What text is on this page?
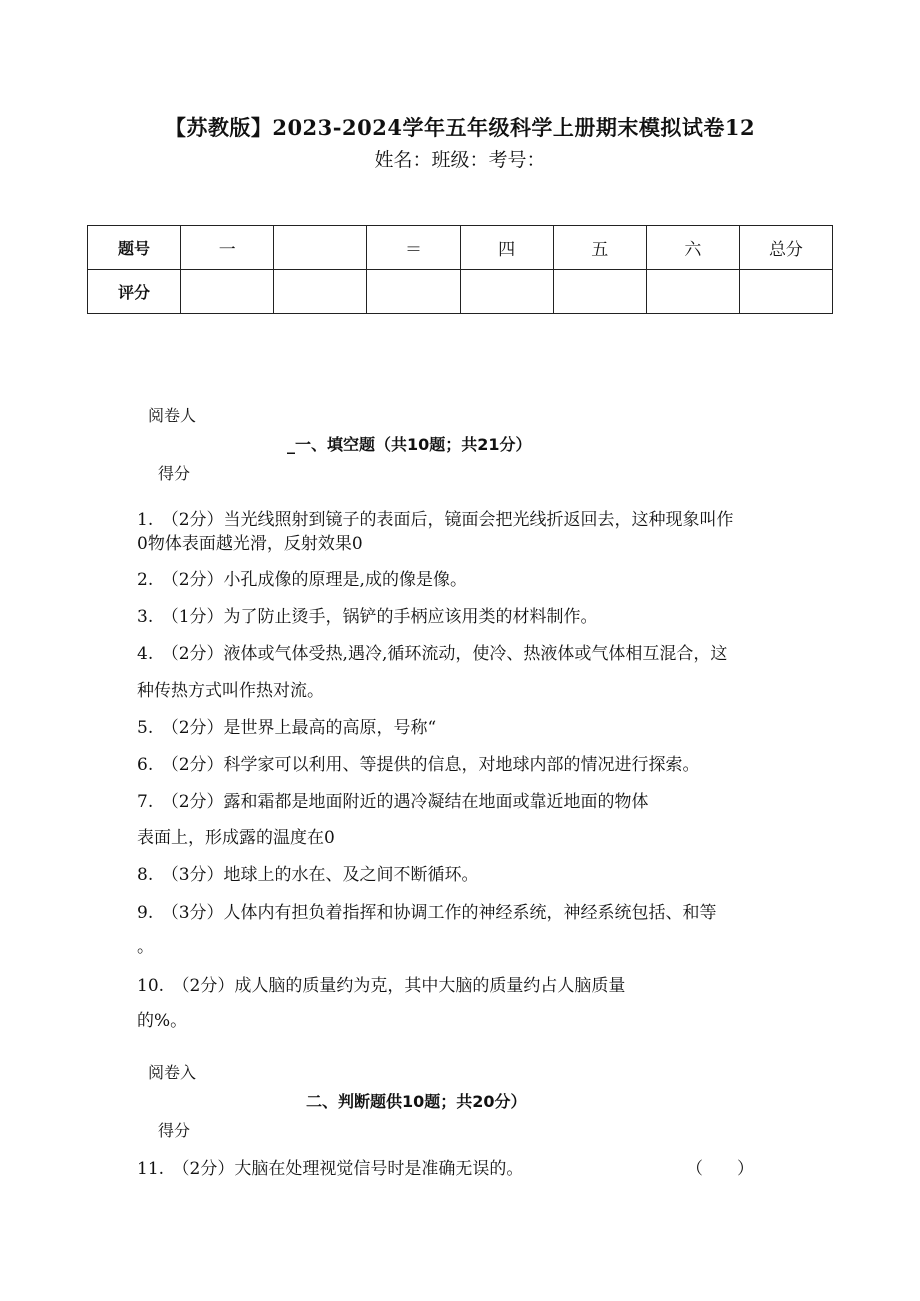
【苏教版】2023-2024学年五年级科学上册期末模拟试卷12
姓名：班级：考号：
题号	一		＝	四	五	六	总分
评分							
阅卷人
_一、填空题（共10题；共21分）
得分
1.　（2分）当光线照射到镜子的表面后，镜面会把光线折返回去，这种现象叫作
0物体表面越光滑，反射效果0
2.　（2分）小孔成像的原理是,成的像是像。
3.　（1分）为了防止烫手，锅铲的手柄应该用类的材料制作。
4.　（2分）液体或气体受热,遇冷,循环流动，使冷、热液体或气体相互混合，这
种传热方式叫作热对流。
5.　（2分）是世界上最高的高原，号称“
6.　（2分）科学家可以利用、等提供的信息，对地球内部的情况进行探索。
7.　（2分）露和霜都是地面附近的遇冷凝结在地面或靠近地面的物体
表面上，形成露的温度在0
8.　（3分）地球上的水在、及之间不断循环。
9.　（3分）人体内有担负着指挥和协调工作的神经系统，神经系统包括、和等
。
10.　（2分）成人脑的质量约为克，其中大脑的质量约占人脑质量
的%。
阅卷入
二、判断题供10题；共20分）
得分
11.　（2分）大脑在处理视觉信号时是准确无误的。	（　　）
